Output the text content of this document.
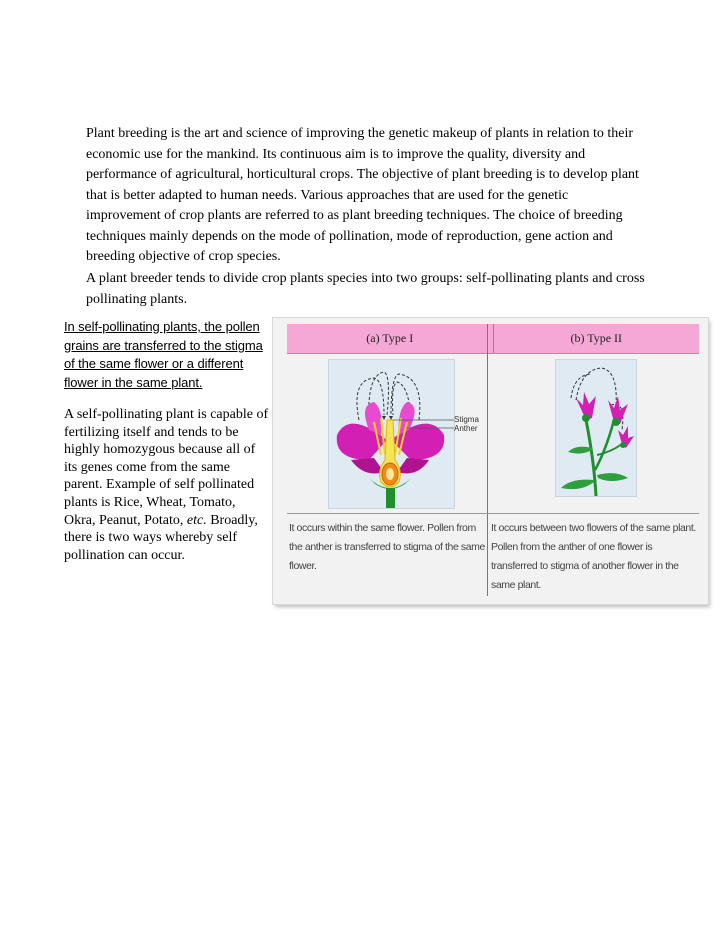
Plant breeding is the art and science of improving the genetic makeup of plants in relation to their economic use for the mankind. Its continuous aim is to improve the quality, diversity and performance of agricultural, horticultural crops. The objective of plant breeding is to develop plant that is better adapted to human needs. Various approaches that are used for the genetic improvement of crop plants are referred to as plant breeding techniques. The choice of breeding techniques mainly depends on the mode of pollination, mode of reproduction, gene action and breeding objective of crop species.

A plant breeder tends to divide crop plants species into two groups: self-pollinating plants and cross pollinating plants.

In self-pollinating plants, the pollen grains are transferred to the stigma of the same flower or a different flower in the same plant.

A self-pollinating plant is capable of fertilizing itself and tends to be highly homozygous because all of its genes come from the same parent. Example of self pollinated plants is Rice, Wheat, Tomato, Okra, Peanut, Potato, etc. Broadly, there is two ways whereby self pollination can occur.

(a) Type I	(b) Type II
Stigma
Anther
It occurs within the same flower. Pollen from the anther is transferred to stigma of the same flower.
It occurs between two flowers of the same plant. Pollen from the anther of one flower is transferred to stigma of another flower in the same plant.
